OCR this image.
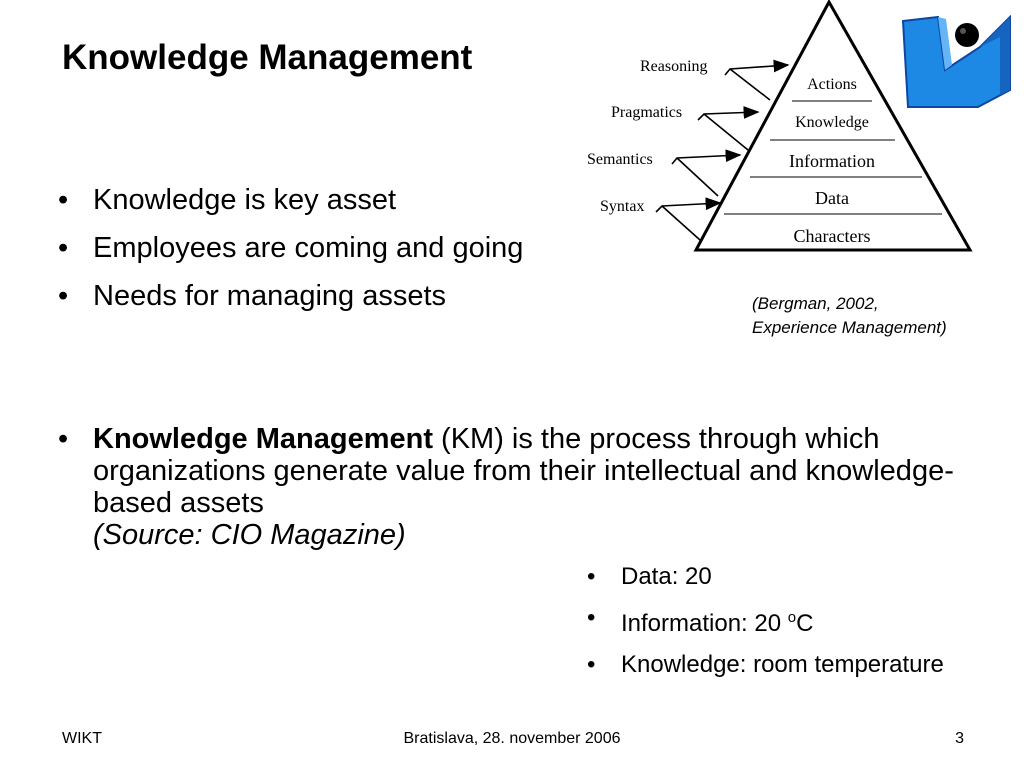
Knowledge Management
• Knowledge is key asset
• Employees are coming and going
• Needs for managing assets	(Bergman, 2002,
Experience Management)
• Knowledge Management (KM) is the process through which organizations generate value from their intellectual and knowledge-based assets
(Source: CIO Magazine)
• Data: 20
• Information: 20 $^o$C
• Knowledge: room temperature
Actions
Knowledge
Information
Data
Characters
Reasoning
Pragmatics
Semantics
Syntax
WIKT	Bratislava, 28. november 2006	3
